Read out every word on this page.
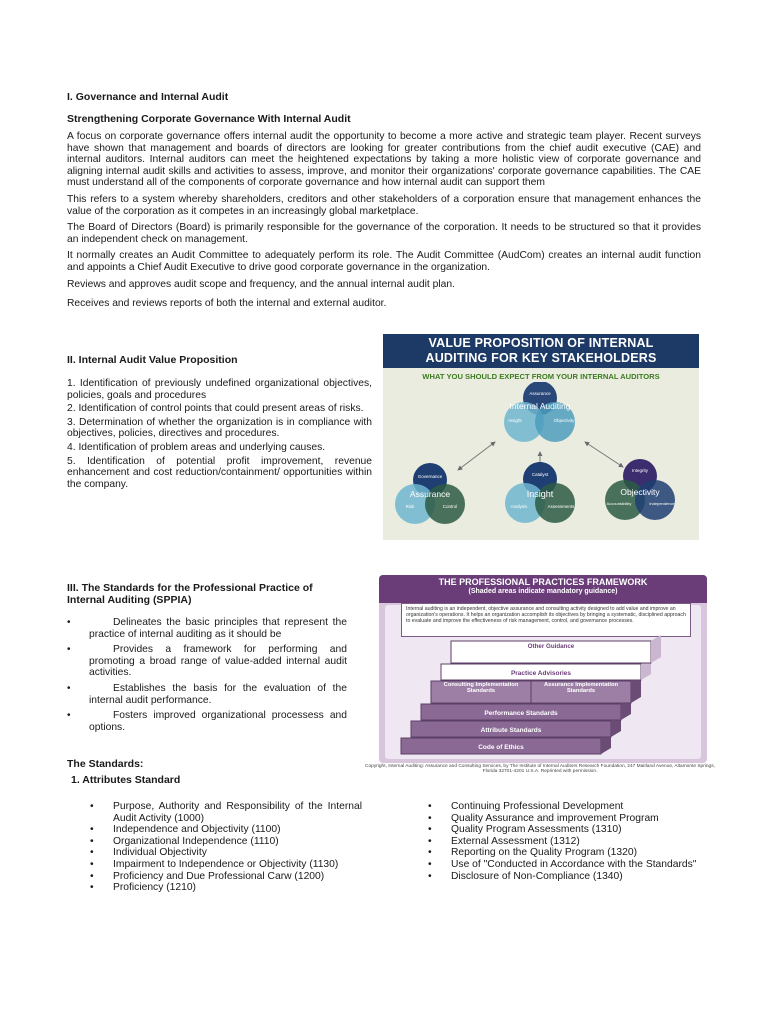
I. Governance and Internal Audit
Strengthening Corporate Governance With Internal Audit

A focus on corporate governance offers internal audit the opportunity to become a more active and strategic team player. Recent surveys have shown that management and boards of directors are looking for greater contributions from the chief audit executive (CAE) and internal auditors. Internal auditors can meet the heightened expectations by taking a more holistic view of corporate governance and aligning internal audit skills and activities to assess, improve, and monitor their organizations' corporate governance capabilities. The CAE must understand all of the components of corporate governance and how internal audit can support them

This refers to a system whereby shareholders, creditors and other stakeholders of a corporation ensure that management enhances the value of the corporation as it competes in an increasingly global marketplace.

The Board of Directors (Board) is primarily responsible for the governance of the corporation. It needs to be structured so that it provides an independent check on management.

It normally creates an Audit Committee to adequately perform its role. The Audit Committee (AudCom) creates an internal audit function and appoints a Chief Audit Executive to drive good corporate governance in the organization.

Reviews and approves audit scope and frequency, and the annual internal audit plan.

Receives and reviews reports of both the internal and external auditor.

II. Internal Audit Value Proposition

1. Identification of previously undefined organizational objectives, policies, goals and procedures

2. Identification of control points that could present areas of risks.

3. Determination of whether the organization is in compliance with objectives, policies, directives and procedures.

4. Identification of problem areas and underlying causes.

5. Identification of potential profit improvement, revenue enhancement and cost reduction/containment/ opportunities within the company.

VALUE PROPOSITION OF INTERNAL
AUDITING FOR KEY STAKEHOLDERS
WHAT YOU SHOULD EXPECT FROM YOUR INTERNAL AUDITORS
Assurance
Internal Auditing
Insight	Objectivity
Governance
Assurance
Risk	Control
Catalyst
Insight
Analysis	Assessments
Integrity
Objectivity
Accountability	Independence
III. The Standards for the Professional Practice of Internal Auditing (SPPIA)
•	Delineates the basic principles that represent the practice of internal auditing as it should be
•	Provides a framework for performing and promoting a broad range of value-added internal audit activities.
•	Establishes the basis for the evaluation of the internal audit performance.
•	Fosters improved organizational processess and options.
THE PROFESSIONAL PRACTICES FRAMEWORK
(Shaded areas indicate mandatory guidance)
Internal auditing is an independent, objective assurance and consulting activity designed to add value and improve an organization's operations. It helps an organization accomplish its objectives by bringing a systematic, disciplined approach to evaluate and improve the effectiveness of risk management, control, and governance processes.
Code of Ethics
Attribute Standards
Performance Standards
Consulting Implementation Standards
Assurance Implementation Standards
Practice Advisories
Other Guidance
Copyright, Internal Auditing: Assurance and Consulting Services, by The Institute of Internal Auditors Research Foundation, 247 Maitland Avenue, Altamonte Springs, Florida 32701-4201 U.S.A. Reprinted with permission.
The Standards:
1. Attributes Standard
•	Purpose, Authority and Responsibility of the Internal Audit Activity (1000)
•	Independence and Objectivity (1100)
•	Organizational Independence (1110)
•	Individual Objectivity
•	Impairment to Independence or Objectivity (1130)
•	Proficiency and Due Professional Carw (1200)
•	Proficiency (1210)
•	Continuing Professional Development
•	Quality Assurance and improvement Program
•	Quality Program Assessments (1310)
•	External Assessment (1312)
•	Reporting on the Quality Program (1320)
•	Use of "Conducted in Accordance with the Standards"
•	Disclosure of Non-Compliance (1340)
